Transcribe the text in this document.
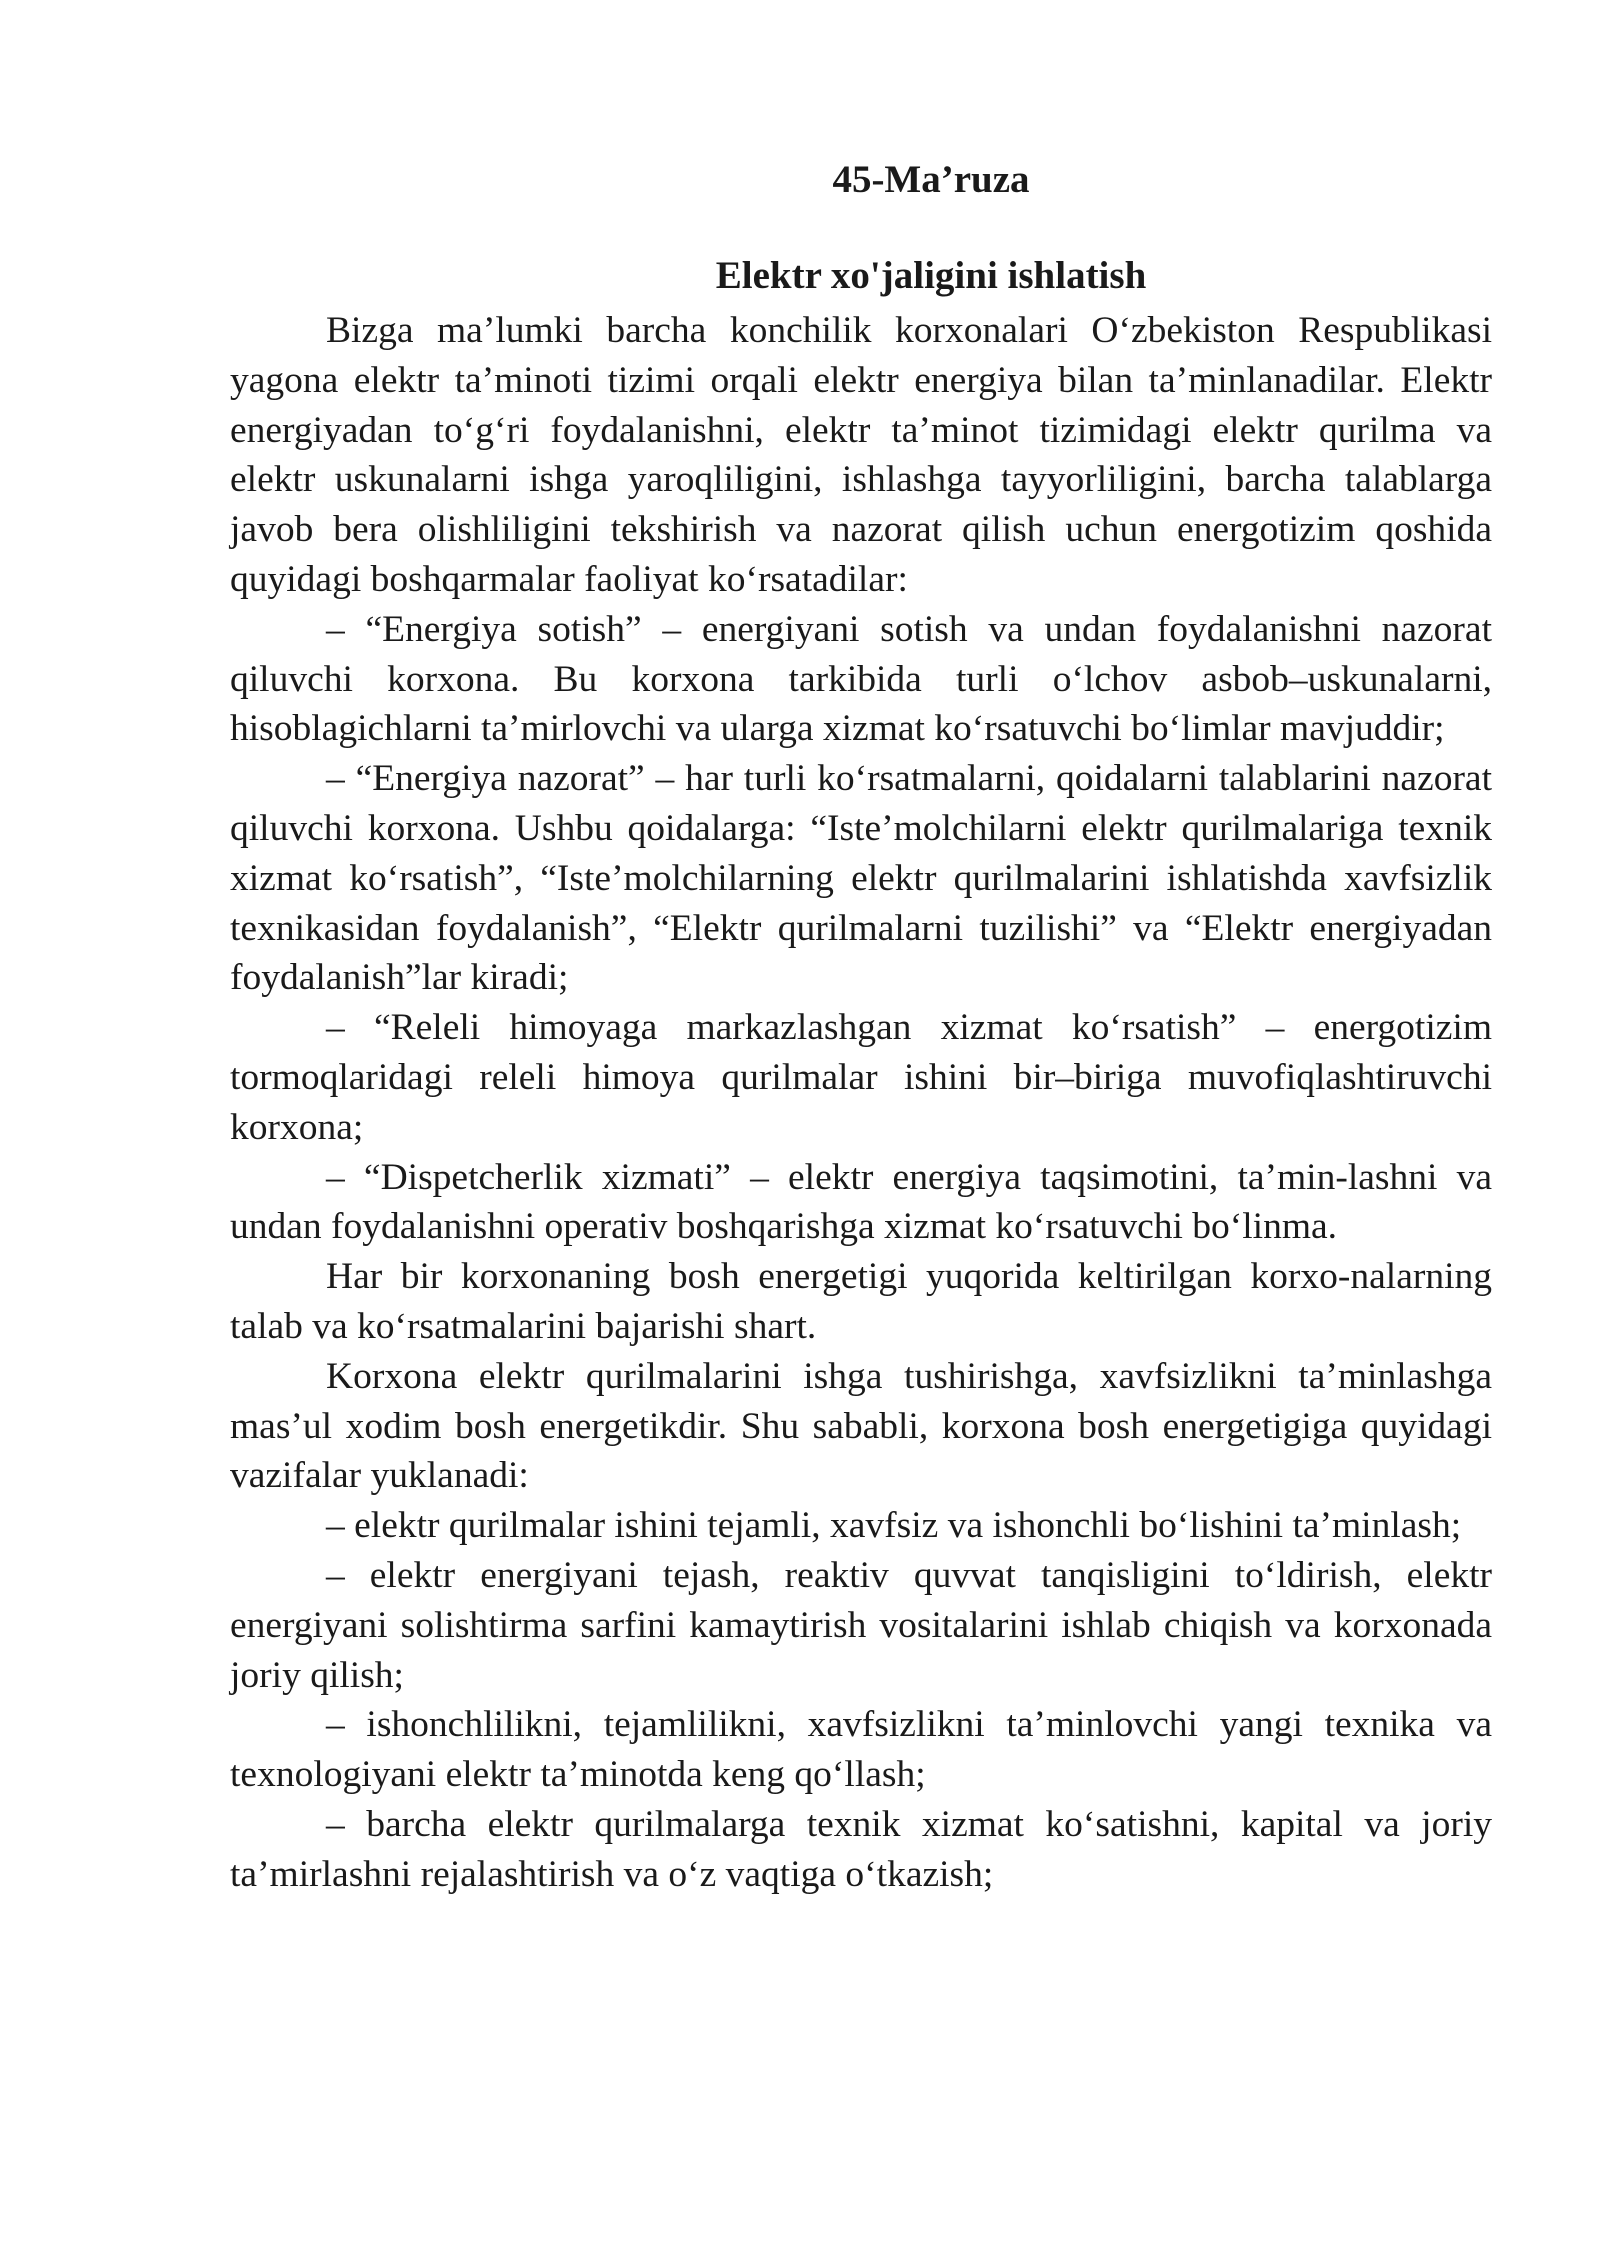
45-Ma’ruza

Elektr xo'jaligini ishlatish

Bizga ma’lumki barcha konchilik korxonalari O‘zbekiston Respublikasi yagona elektr ta’minoti tizimi orqali elektr energiya bilan ta’minlanadilar. Elektr energiyadan to‘g‘ri foydalanishni, elektr ta’minot tizimidagi elektr qurilma va elektr uskunalarni ishga yaroqliligini, ishlashga tayyorliligini, barcha talablarga javob bera olishliligini tekshirish va nazorat qilish uchun energotizim qoshida quyidagi boshqarmalar faoliyat ko‘rsatadilar:

– “Energiya sotish” – energiyani sotish va undan foydalanishni nazorat qiluvchi korxona. Bu korxona tarkibida turli o‘lchov asbob–uskunalarni, hisoblagichlarni ta’mirlovchi va ularga xizmat ko‘rsatuvchi bo‘limlar mavjuddir;

– “Energiya nazorat” – har turli ko‘rsatmalarni, qoidalarni talablarini nazorat qiluvchi korxona. Ushbu qoidalarga: “Iste’molchilarni elektr qurilmalariga texnik xizmat ko‘rsatish”, “Iste’molchilarning elektr qurilmalarini ishlatishda xavfsizlik texnikasidan foydalanish”, “Elektr qurilmalarni tuzilishi” va “Elektr energiyadan foydalanish”lar kiradi;

– “Releli himoyaga markazlashgan xizmat ko‘rsatish” – energotizim tormoqlaridagi releli himoya qurilmalar ishini bir–biriga muvofiqlashtiruvchi korxona;

– “Dispetcherlik xizmati” – elektr energiya taqsimotini, ta’min-lashni va undan foydalanishni operativ boshqarishga xizmat ko‘rsatuvchi bo‘linma.

Har bir korxonaning bosh energetigi yuqorida keltirilgan korxo-nalarning talab va ko‘rsatmalarini bajarishi shart.

Korxona elektr qurilmalarini ishga tushirishga, xavfsizlikni ta’minlashga mas’ul xodim bosh energetikdir. Shu sababli, korxona bosh energetigiga quyidagi vazifalar yuklanadi:

– elektr qurilmalar ishini tejamli, xavfsiz va ishonchli bo‘lishini ta’minlash;

– elektr energiyani tejash, reaktiv quvvat tanqisligini to‘ldirish, elektr energiyani solishtirma sarfini kamaytirish vositalarini ishlab chiqish va korxonada joriy qilish;

– ishonchlilikni, tejamlilikni, xavfsizlikni ta’minlovchi yangi texnika va texnologiyani elektr ta’minotda keng qo‘llash;

– barcha elektr qurilmalarga texnik xizmat ko‘satishni, kapital va joriy ta’mirlashni rejalashtirish va o‘z vaqtiga o‘tkazish;
